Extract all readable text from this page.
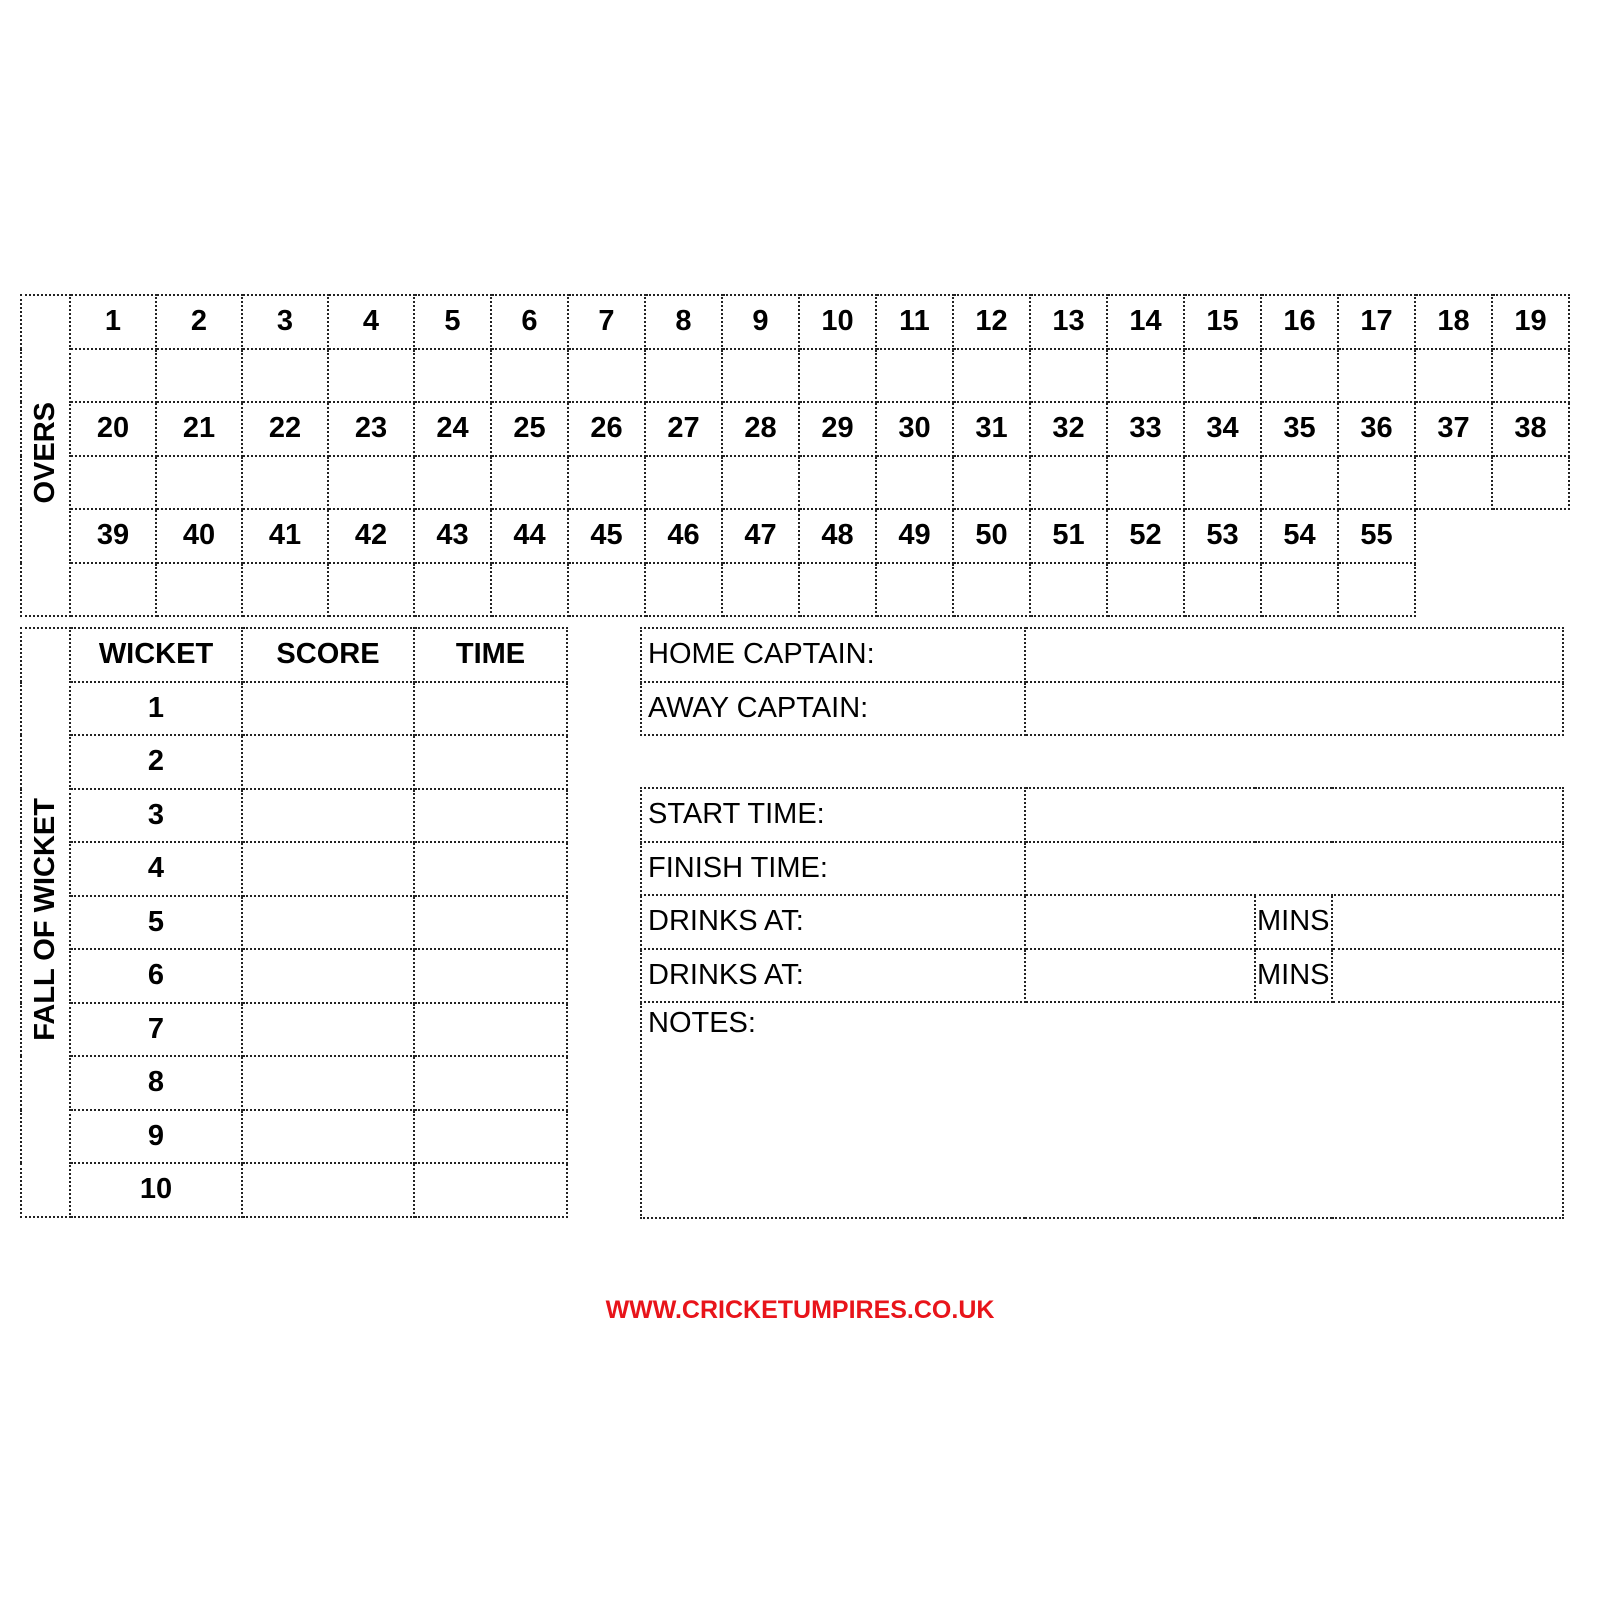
OVERS	1	2	3	4	5	6	7	8	9	10	11	12	13	14	15	16	17	18	19

	20	21	22	23	24	25	26	27	28	29	30	31	32	33	34	35	36	37	38

	39	40	41	42	43	44	45	46	47	48	49	50	51	52	53	54	55		

FALL OF WICKET	WICKET	SCORE	TIME
	1		
	2		
	3		
	4		
	5		
	6		
	7		
	8		
	9		
	10		
HOME CAPTAIN:	
AWAY CAPTAIN:	
START TIME:			
FINISH TIME:			
DRINKS AT:		MINS	
DRINKS AT:		MINS	
NOTES:			
WWW.CRICKETUMPIRES.CO.UK
